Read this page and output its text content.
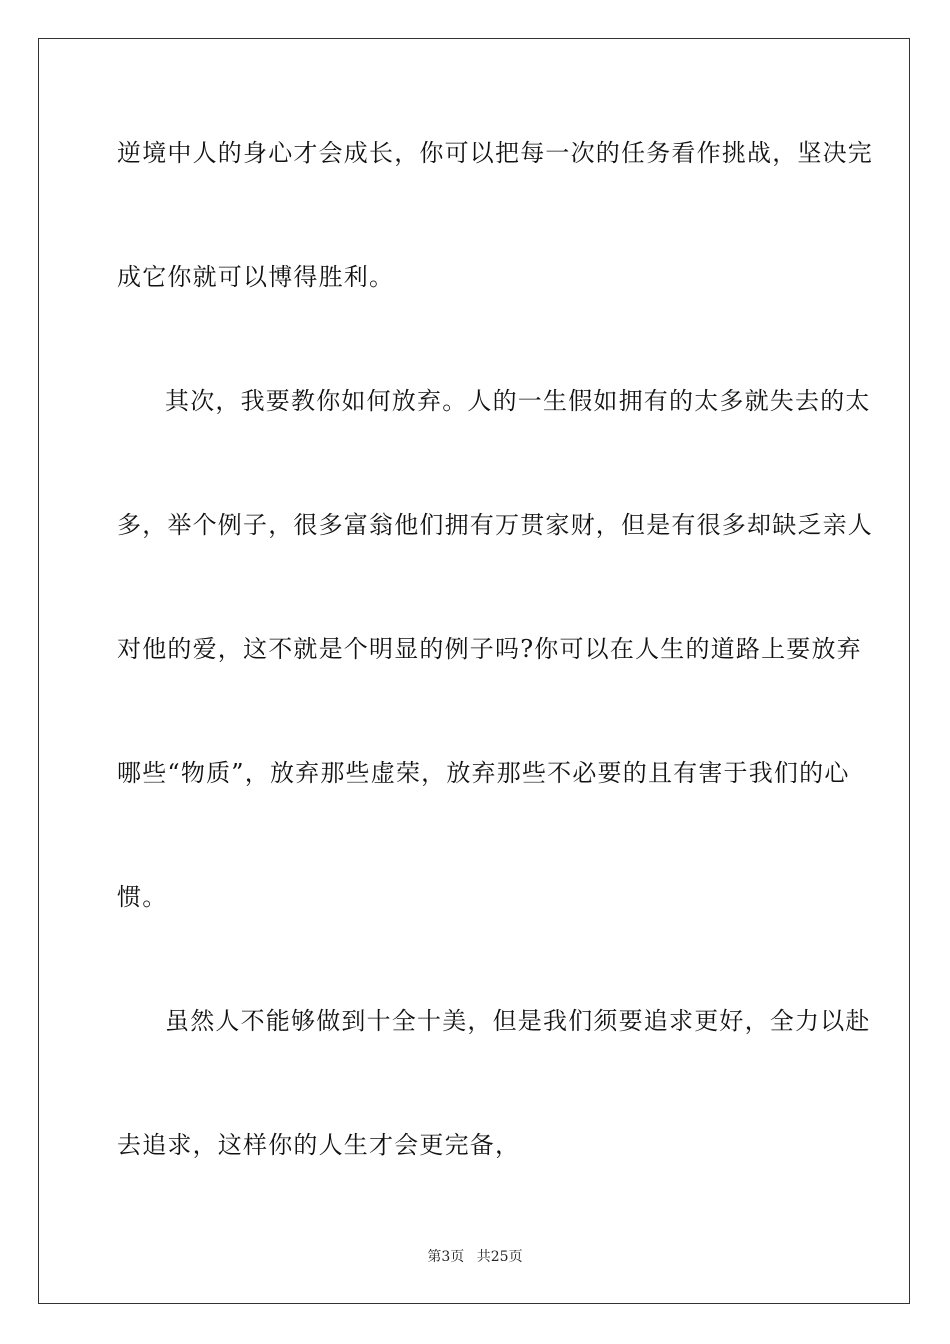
逆境中人的身心才会成长，你可以把每一次的任务看作挑战，坚决完
成它你就可以博得胜利。
其次，我要教你如何放弃。人的一生假如拥有的太多就失去的太
多，举个例子，很多富翁他们拥有万贯家财，但是有很多却缺乏亲人
对他的爱，这不就是个明显的例子吗?你可以在人生的道路上要放弃
哪些“物质”，放弃那些虚荣，放弃那些不必要的且有害于我们的心
惯。
虽然人不能够做到十全十美，但是我们须要追求更好，全力以赴
去追求，这样你的人生才会更完备，
第3页 共25页
